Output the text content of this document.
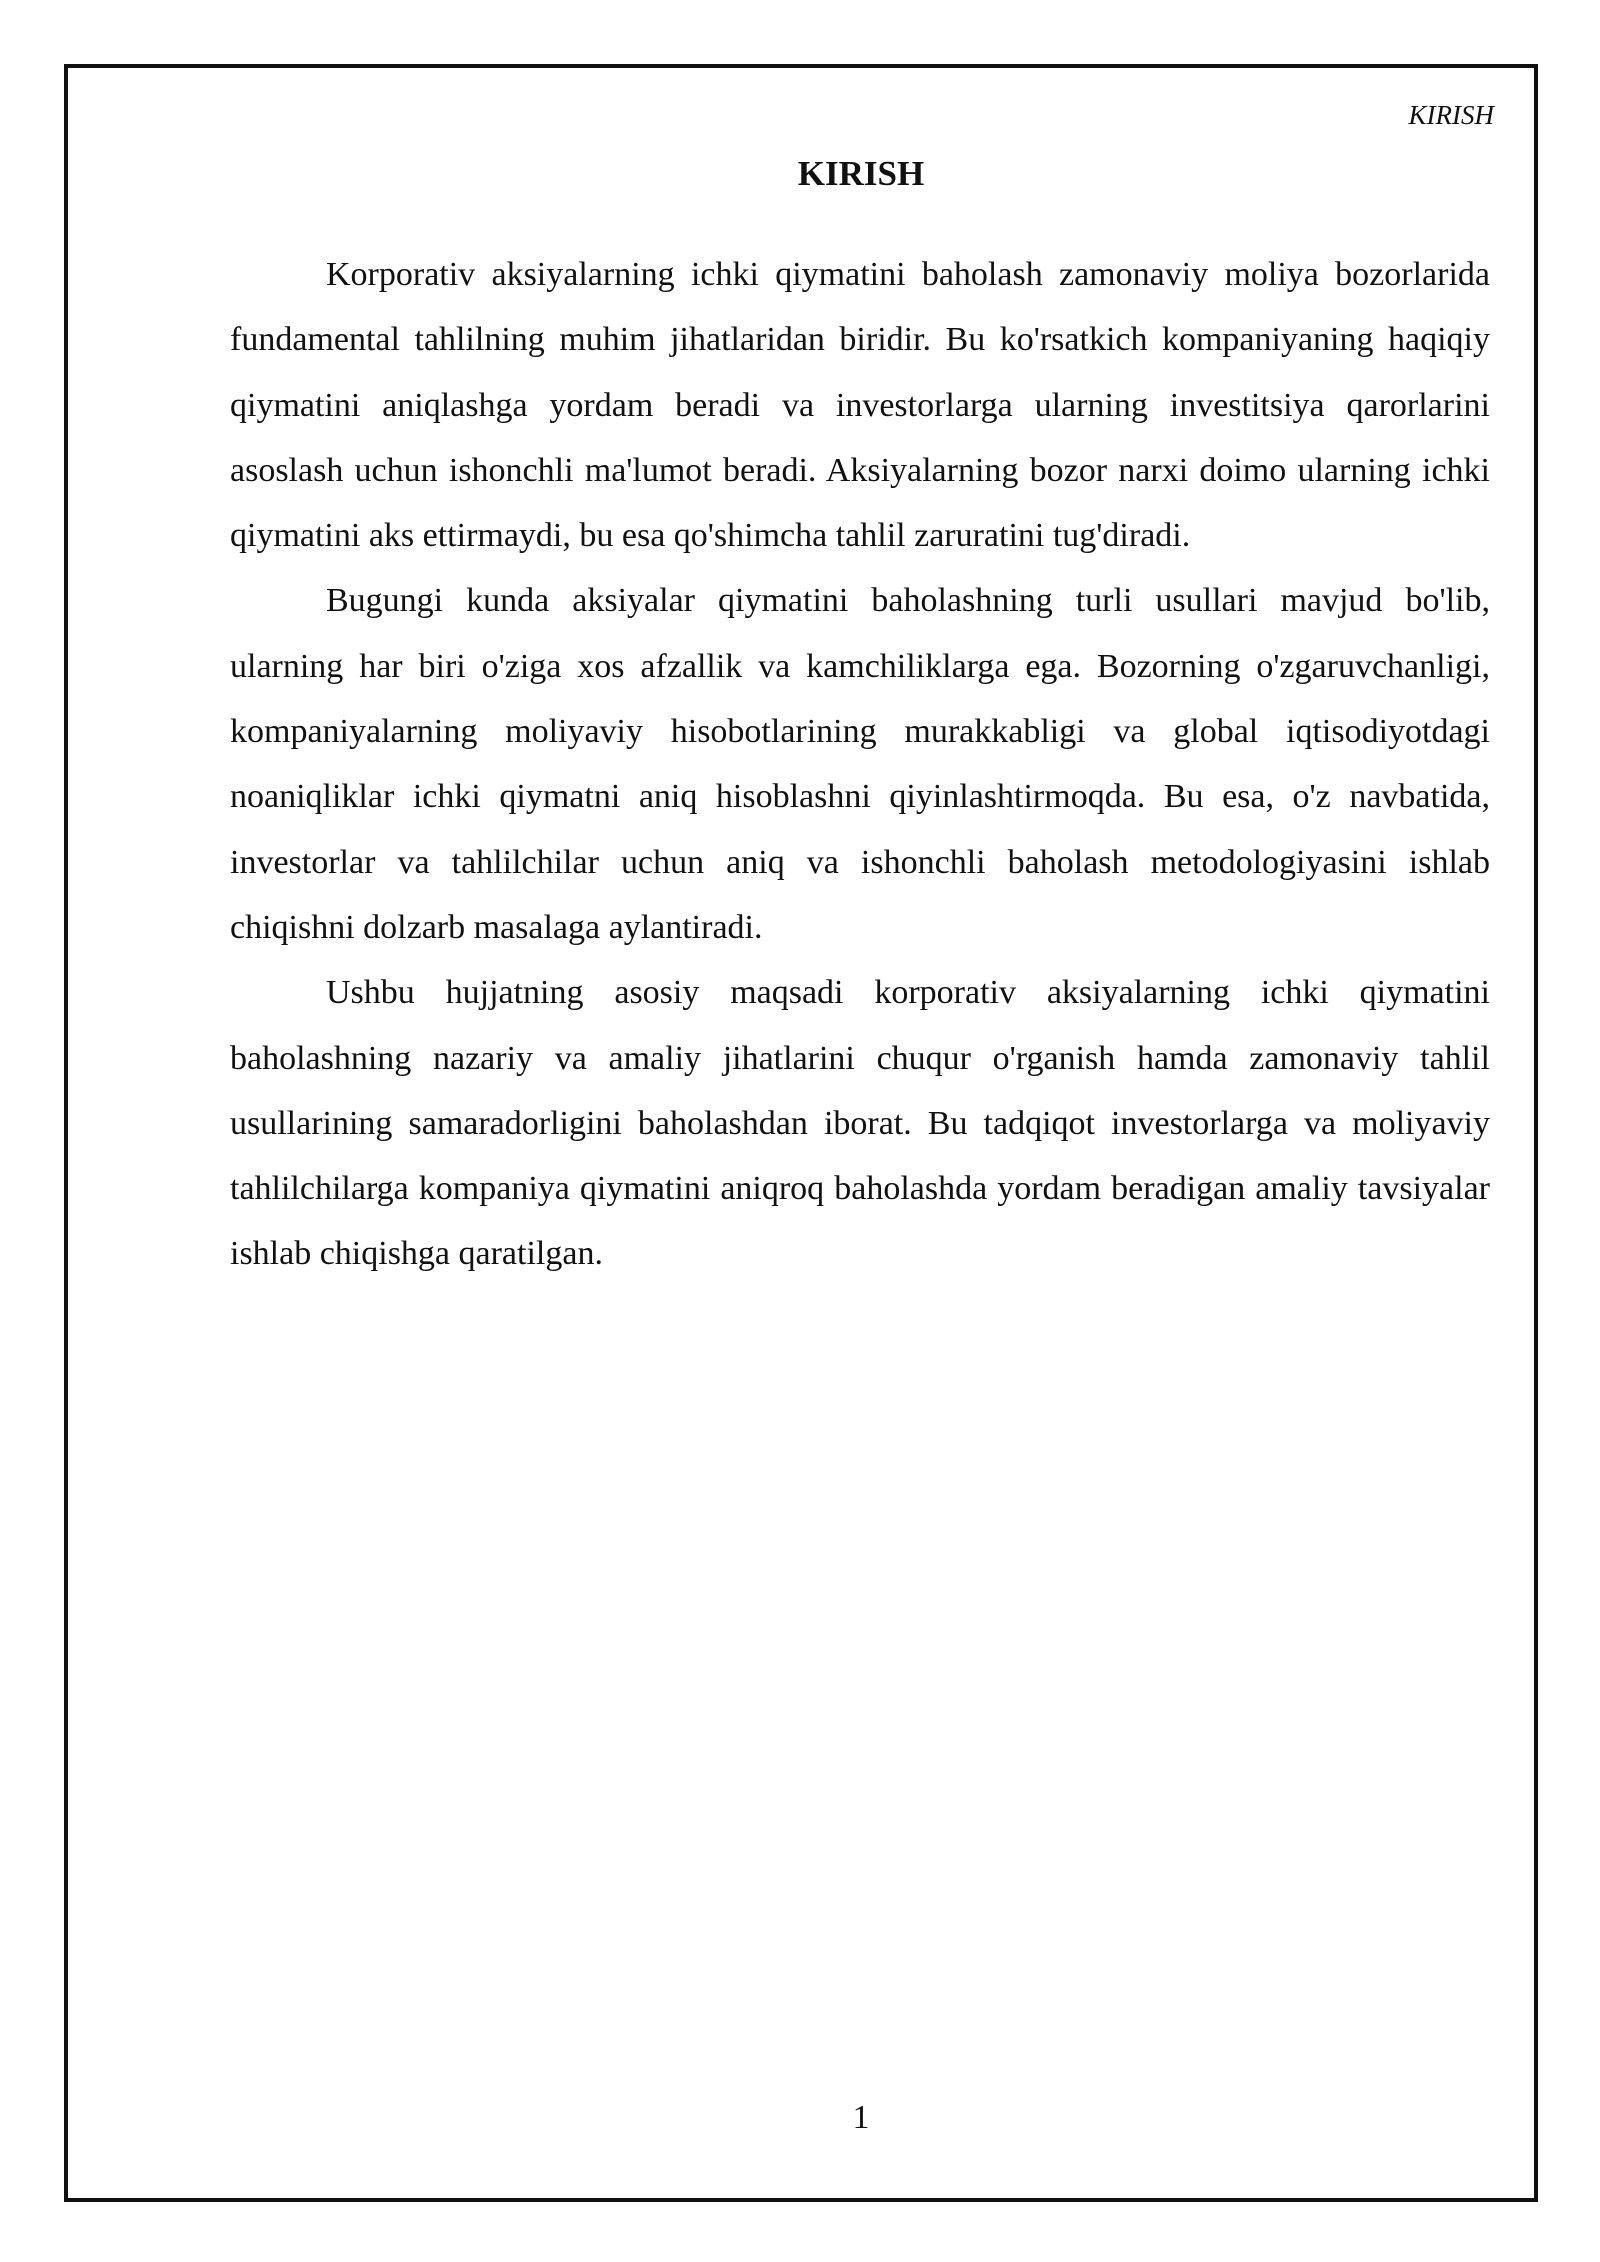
KIRISH
KIRISH

Korporativ aksiyalarning ichki qiymatini baholash zamonaviy moliya bozorlarida fundamental tahlilning muhim jihatlaridan biridir. Bu ko'rsatkich kompaniyaning haqiqiy qiymatini aniqlashga yordam beradi va investorlarga ularning investitsiya qarorlarini asoslash uchun ishonchli ma'lumot beradi. Aksiyalarning bozor narxi doimo ularning ichki qiymatini aks ettirmaydi, bu esa qo'shimcha tahlil zaruratini tug'diradi.

Bugungi kunda aksiyalar qiymatini baholashning turli usullari mavjud bo'lib, ularning har biri o'ziga xos afzallik va kamchiliklarga ega. Bozorning o'zgaruvchanligi, kompaniyalarning moliyaviy hisobotlarining murakkabligi va global iqtisodiyotdagi noaniqliklar ichki qiymatni aniq hisoblashni qiyinlashtirmoqda. Bu esa, o'z navbatida, investorlar va tahlilchilar uchun aniq va ishonchli baholash metodologiyasini ishlab chiqishni dolzarb masalaga aylantiradi.

Ushbu hujjatning asosiy maqsadi korporativ aksiyalarning ichki qiymatini baholashning nazariy va amaliy jihatlarini chuqur o'rganish hamda zamonaviy tahlil usullarining samaradorligini baholashdan iborat. Bu tadqiqot investorlarga va moliyaviy tahlilchilarga kompaniya qiymatini aniqroq baholashda yordam beradigan amaliy tavsiyalar ishlab chiqishga qaratilgan.

1
